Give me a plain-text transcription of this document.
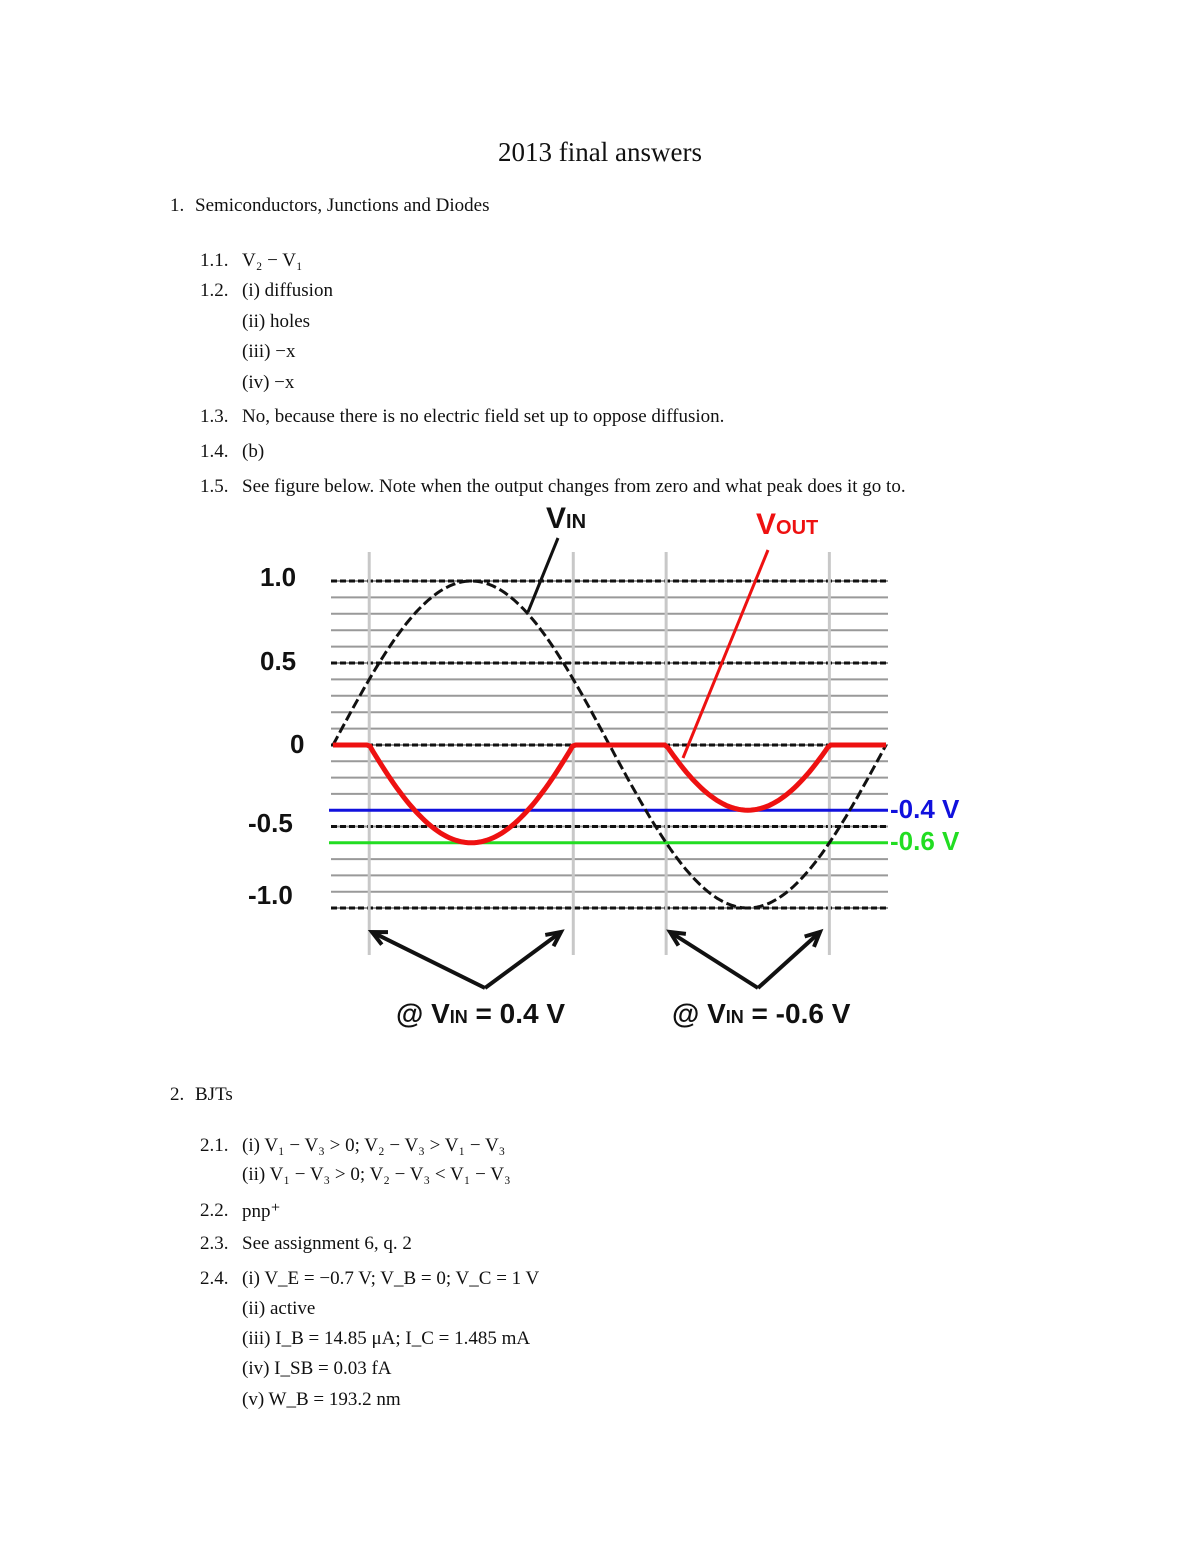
2013 final answers
1. Semiconductors, Junctions and Diodes
1.1. V₂ − V₁
1.2. (i) diffusion
(ii) holes
(iii) −x
(iv) −x
1.3. No, because there is no electric field set up to oppose diffusion.
1.4. (b)
1.5. See figure below. Note when the output changes from zero and what peak does it go to.
1.0
0.5
0
-0.5
-1.0
VIN	VOUT
-0.4 V
-0.6 V
@ VIN = 0.4 V	@ VIN = -0.6 V
2. BJTs
2.1. (i) V₁ − V₃ > 0; V₂ − V₃ > V₁ − V₃
(ii) V₁ − V₃ > 0; V₂ − V₃ < V₁ − V₃
2.2. pnp⁺
2.3. See assignment 6, q. 2
2.4. (i) V_E = −0.7 V; V_B = 0; V_C = 1 V
(ii) active
(iii) I_B = 14.85 μA; I_C = 1.485 mA
(iv) I_SB = 0.03 fA
(v) W_B = 193.2 nm
